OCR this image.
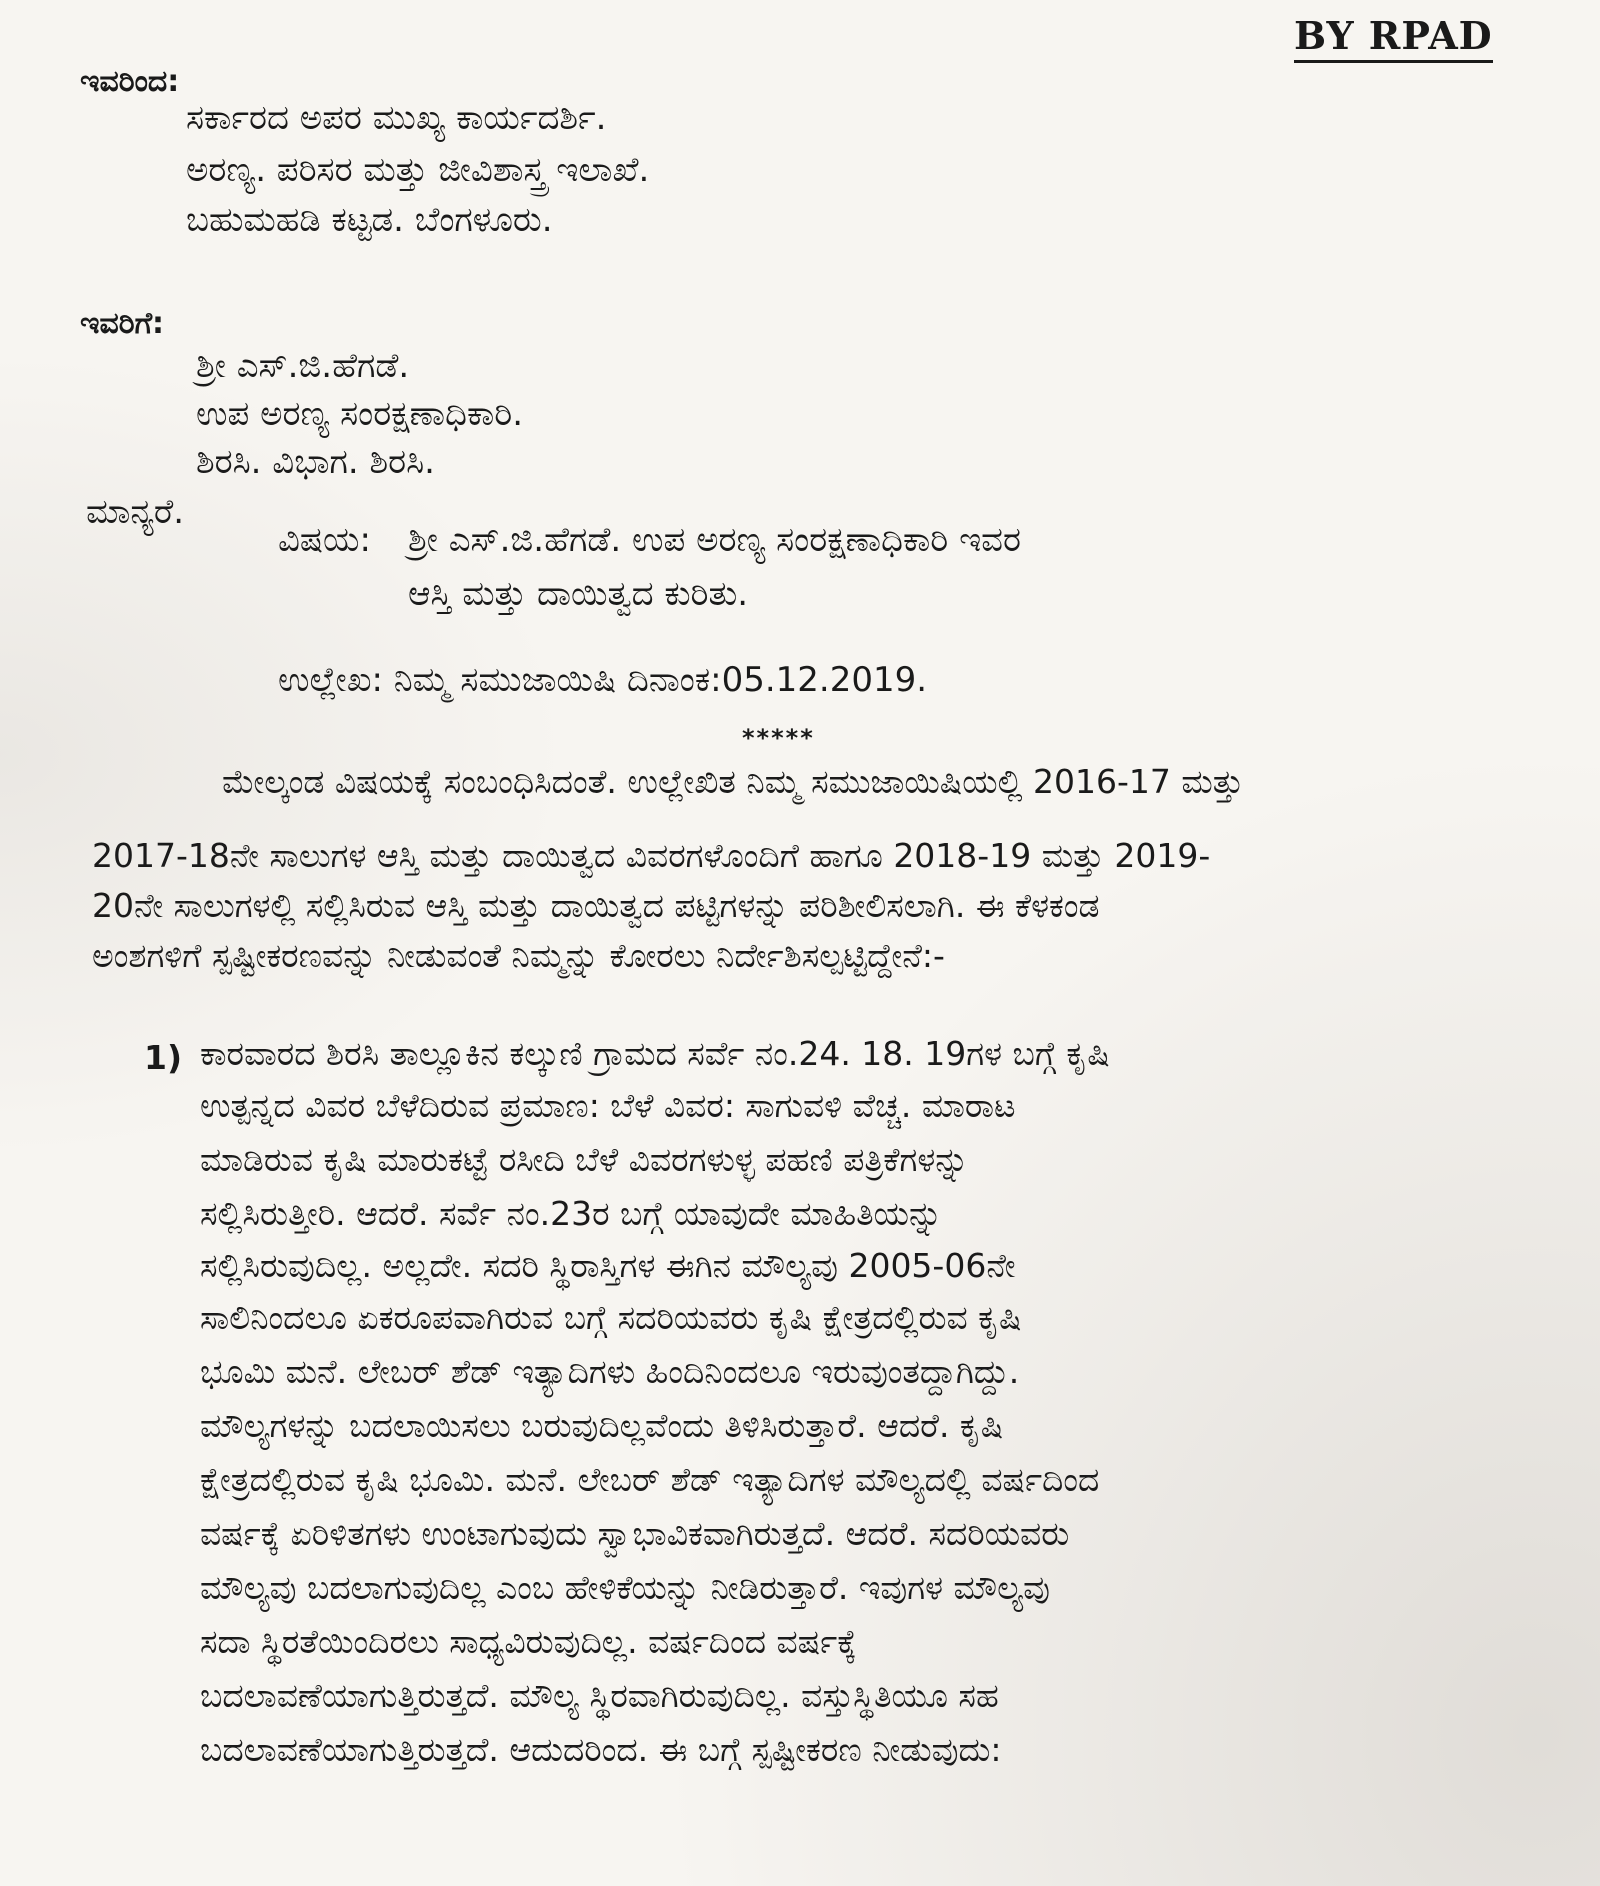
BY RPAD
ಇವರಿಂದ:
ಸರ್ಕಾರದ ಅಪರ ಮುಖ್ಯ ಕಾರ್ಯದರ್ಶಿ.
ಅರಣ್ಯ. ಪರಿಸರ ಮತ್ತು ಜೀವಿಶಾಸ್ತ್ರ ಇಲಾಖೆ.
ಬಹುಮಹಡಿ ಕಟ್ಟಡ. ಬೆಂಗಳೂರು.
ಇವರಿಗೆ:
ಶ್ರೀ ಎಸ್.ಜಿ.ಹೆಗಡೆ.
ಉಪ ಅರಣ್ಯ ಸಂರಕ್ಷಣಾಧಿಕಾರಿ.
ಶಿರಸಿ. ವಿಭಾಗ. ಶಿರಸಿ.
ಮಾನ್ಯರೆ.
ವಿಷಯ: ಶ್ರೀ ಎಸ್.ಜಿ.ಹೆಗಡೆ. ಉಪ ಅರಣ್ಯ ಸಂರಕ್ಷಣಾಧಿಕಾರಿ ಇವರ
ಆಸ್ತಿ ಮತ್ತು ದಾಯಿತ್ವದ ಕುರಿತು.
ಉಲ್ಲೇಖ: ನಿಮ್ಮ ಸಮುಜಾಯಿಷಿ ದಿನಾಂಕ:05.12.2019.
*****
ಮೇಲ್ಕಂಡ ವಿಷಯಕ್ಕೆ ಸಂಬಂಧಿಸಿದಂತೆ. ಉಲ್ಲೇಖಿತ ನಿಮ್ಮ ಸಮುಜಾಯಿಷಿಯಲ್ಲಿ 2016-17 ಮತ್ತು
2017-18ನೇ ಸಾಲುಗಳ ಆಸ್ತಿ ಮತ್ತು ದಾಯಿತ್ವದ ವಿವರಗಳೊಂದಿಗೆ ಹಾಗೂ 2018-19 ಮತ್ತು 2019-
20ನೇ ಸಾಲುಗಳಲ್ಲಿ ಸಲ್ಲಿಸಿರುವ ಆಸ್ತಿ ಮತ್ತು ದಾಯಿತ್ವದ ಪಟ್ಟಿಗಳನ್ನು ಪರಿಶೀಲಿಸಲಾಗಿ. ಈ ಕೆಳಕಂಡ
ಅಂಶಗಳಿಗೆ ಸ್ಪಷ್ಟೀಕರಣವನ್ನು ನೀಡುವಂತೆ ನಿಮ್ಮನ್ನು ಕೋರಲು ನಿರ್ದೇಶಿಸಲ್ಪಟ್ಟಿದ್ದೇನೆ:-
1) ಕಾರವಾರದ ಶಿರಸಿ ತಾಲ್ಲೂಕಿನ ಕಲ್ಕುಣಿ ಗ್ರಾಮದ ಸರ್ವೆ ನಂ.24. 18. 19ಗಳ ಬಗ್ಗೆ ಕೃಷಿ
ಉತ್ಪನ್ನದ ವಿವರ ಬೆಳೆದಿರುವ ಪ್ರಮಾಣ: ಬೆಳೆ ವಿವರ: ಸಾಗುವಳಿ ವೆಚ್ಚ. ಮಾರಾಟ
ಮಾಡಿರುವ ಕೃಷಿ ಮಾರುಕಟ್ಟೆ ರಸೀದಿ ಬೆಳೆ ವಿವರಗಳುಳ್ಳ ಪಹಣಿ ಪತ್ರಿಕೆಗಳನ್ನು
ಸಲ್ಲಿಸಿರುತ್ತೀರಿ. ಆದರೆ. ಸರ್ವೆ ನಂ.23ರ ಬಗ್ಗೆ ಯಾವುದೇ ಮಾಹಿತಿಯನ್ನು
ಸಲ್ಲಿಸಿರುವುದಿಲ್ಲ. ಅಲ್ಲದೇ. ಸದರಿ ಸ್ಥಿರಾಸ್ತಿಗಳ ಈಗಿನ ಮೌಲ್ಯವು 2005-06ನೇ
ಸಾಲಿನಿಂದಲೂ ಏಕರೂಪವಾಗಿರುವ ಬಗ್ಗೆ ಸದರಿಯವರು ಕೃಷಿ ಕ್ಷೇತ್ರದಲ್ಲಿರುವ ಕೃಷಿ
ಭೂಮಿ ಮನೆ. ಲೇಬರ್ ಶೆಡ್ ಇತ್ಯಾದಿಗಳು ಹಿಂದಿನಿಂದಲೂ ಇರುವುಂತದ್ದಾಗಿದ್ದು.
ಮೌಲ್ಯಗಳನ್ನು ಬದಲಾಯಿಸಲು ಬರುವುದಿಲ್ಲವೆಂದು ತಿಳಿಸಿರುತ್ತಾರೆ. ಆದರೆ. ಕೃಷಿ
ಕ್ಷೇತ್ರದಲ್ಲಿರುವ ಕೃಷಿ ಭೂಮಿ. ಮನೆ. ಲೇಬರ್ ಶೆಡ್ ಇತ್ಯಾದಿಗಳ ಮೌಲ್ಯದಲ್ಲಿ ವರ್ಷದಿಂದ
ವರ್ಷಕ್ಕೆ ಏರಿಳಿತಗಳು ಉಂಟಾಗುವುದು ಸ್ವಾಭಾವಿಕವಾಗಿರುತ್ತದೆ. ಆದರೆ. ಸದರಿಯವರು
ಮೌಲ್ಯವು ಬದಲಾಗುವುದಿಲ್ಲ ಎಂಬ ಹೇಳಿಕೆಯನ್ನು ನೀಡಿರುತ್ತಾರೆ. ಇವುಗಳ ಮೌಲ್ಯವು
ಸದಾ ಸ್ಥಿರತೆಯಿಂದಿರಲು ಸಾಧ್ಯವಿರುವುದಿಲ್ಲ. ವರ್ಷದಿಂದ ವರ್ಷಕ್ಕೆ
ಬದಲಾವಣೆಯಾಗುತ್ತಿರುತ್ತದೆ. ಮೌಲ್ಯ ಸ್ಥಿರವಾಗಿರುವುದಿಲ್ಲ. ವಸ್ತುಸ್ಥಿತಿಯೂ ಸಹ
ಬದಲಾವಣೆಯಾಗುತ್ತಿರುತ್ತದೆ. ಆದುದರಿಂದ. ಈ ಬಗ್ಗೆ ಸ್ಪಷ್ಟೀಕರಣ ನೀಡುವುದು:
